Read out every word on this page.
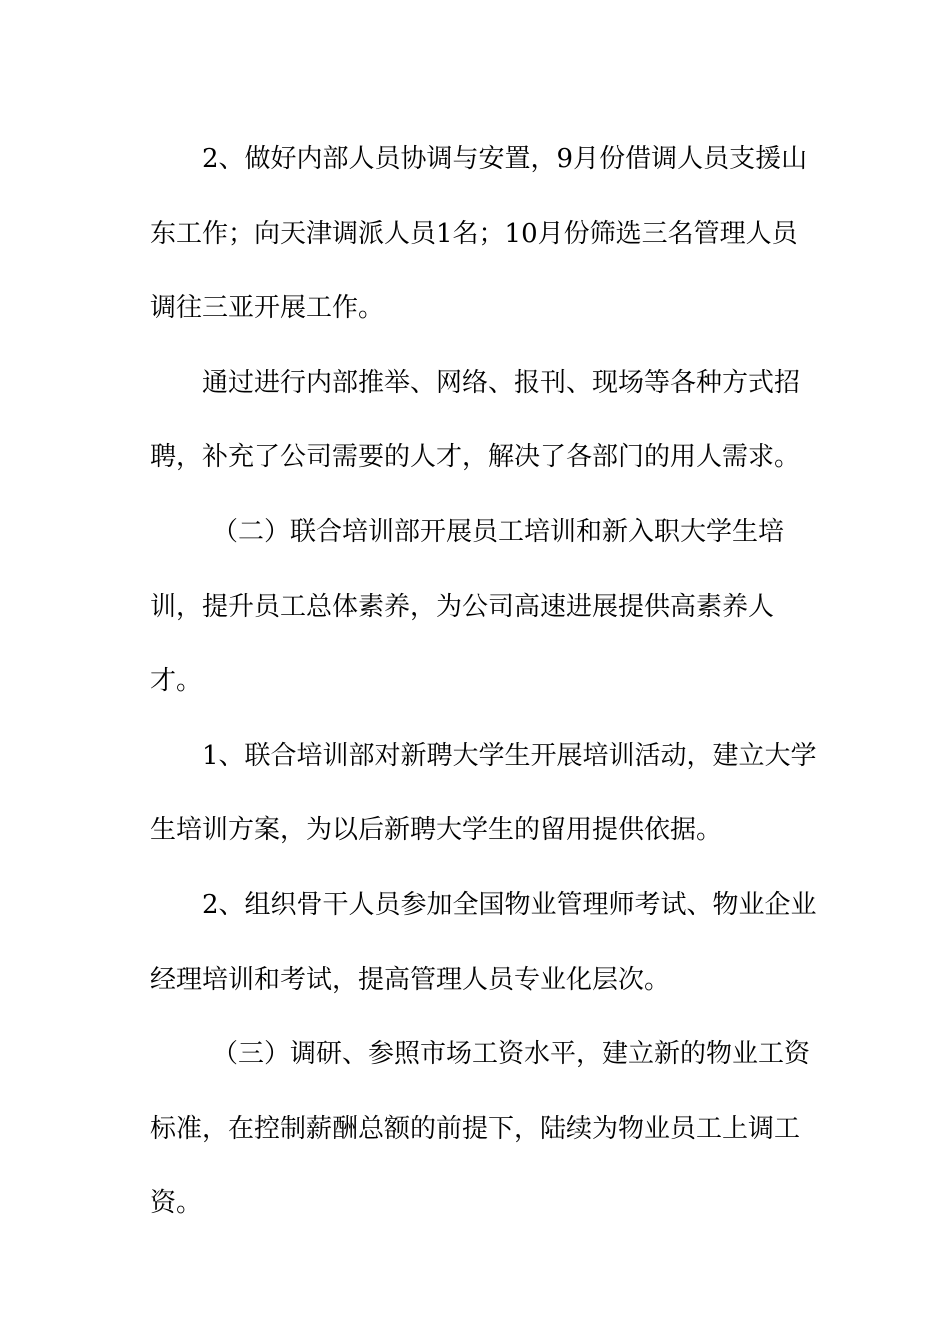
2、做好内部人员协调与安置，9月份借调人员支援山
东工作；向天津调派人员1名；10月份筛选三名管理人员
调往三亚开展工作。
通过进行内部推举、网络、报刊、现场等各种方式招
聘，补充了公司需要的人才，解决了各部门的用人需求。
（二）联合培训部开展员工培训和新入职大学生培
训，提升员工总体素养，为公司高速进展提供高素养人
才。
1、联合培训部对新聘大学生开展培训活动，建立大学
生培训方案，为以后新聘大学生的留用提供依据。
2、组织骨干人员参加全国物业管理师考试、物业企业
经理培训和考试，提高管理人员专业化层次。
（三）调研、参照市场工资水平，建立新的物业工资
标准，在控制薪酬总额的前提下，陆续为物业员工上调工
资。
